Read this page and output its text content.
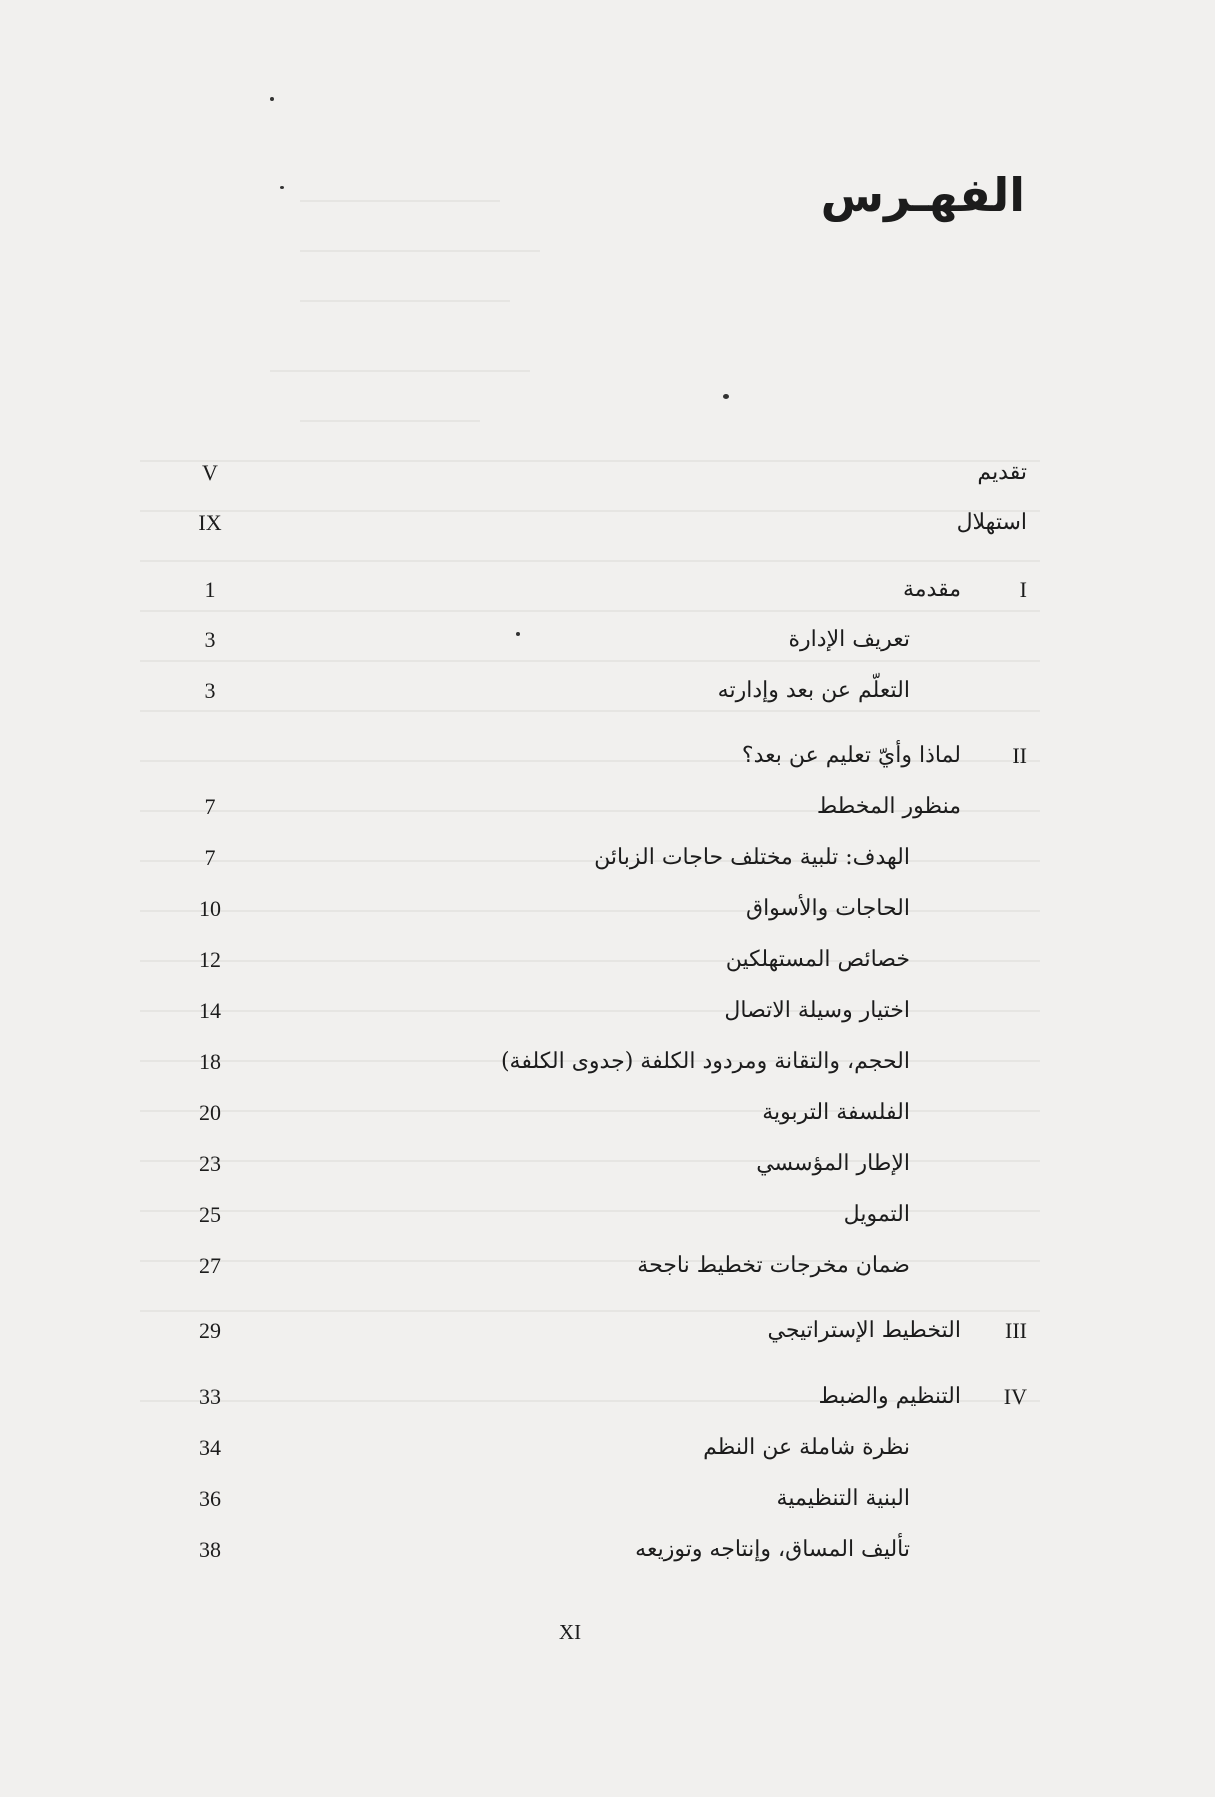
الفهـرس
تقديم
V
استهلال
IX
I
مقدمة
1
تعريف الإدارة
3
التعلّم عن بعد وإدارته
3
II
لماذا وأيّ تعليم عن بعد؟
منظور المخطط
7
الهدف: تلبية مختلف حاجات الزبائن
7
الحاجات والأسواق
10
خصائص المستهلكين
12
اختيار وسيلة الاتصال
14
الحجم، والتقانة ومردود الكلفة (جدوى الكلفة)
18
الفلسفة التربوية
20
الإطار المؤسسي
23
التمويل
25
ضمان مخرجات تخطيط ناجحة
27
III
التخطيط الإستراتيجي
29
IV
التنظيم والضبط
33
نظرة شاملة عن النظم
34
البنية التنظيمية
36
تأليف المساق، وإنتاجه وتوزيعه
38
XI
